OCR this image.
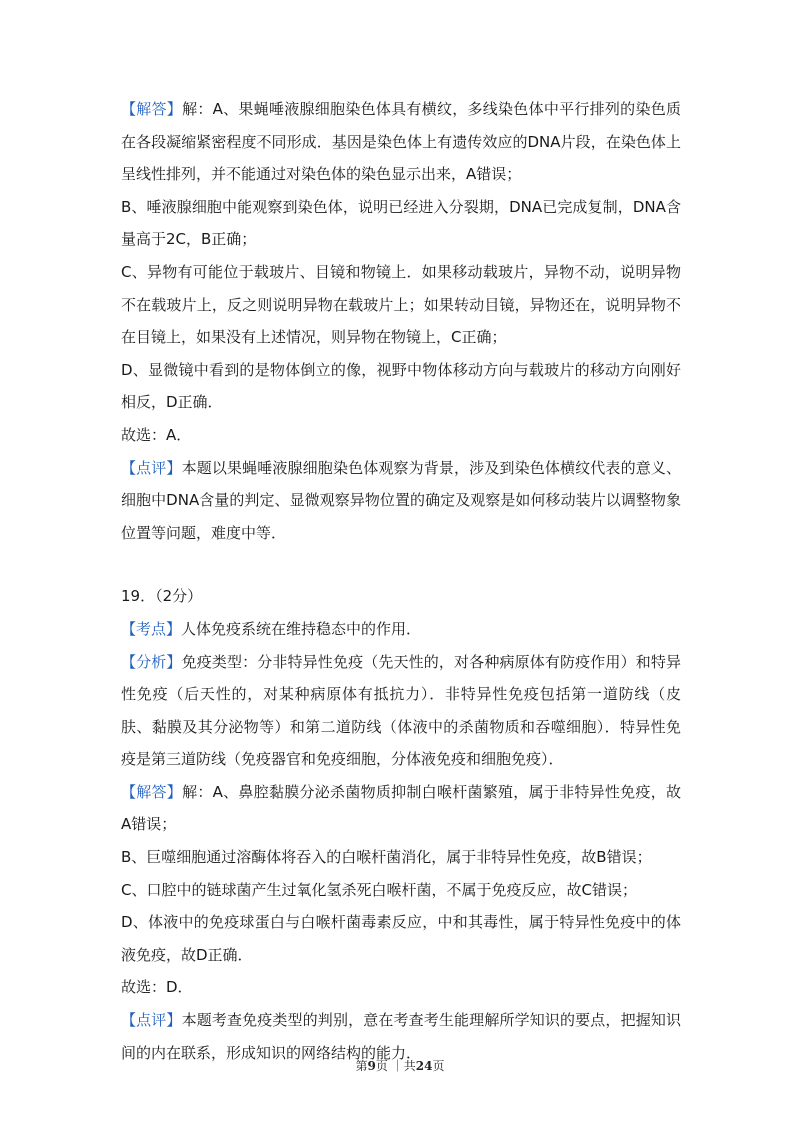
【解答】解：A、果蝇唾液腺细胞染色体具有横纹，多线染色体中平行排列的染色质在各段凝缩紧密程度不同形成．基因是染色体上有遗传效应的DNA片段，在染色体上呈线性排列，并不能通过对染色体的染色显示出来，A错误；

B、唾液腺细胞中能观察到染色体，说明已经进入分裂期，DNA已完成复制，DNA含量高于2C，B正确；

C、异物有可能位于载玻片、目镜和物镜上．如果移动载玻片，异物不动，说明异物不在载玻片上，反之则说明异物在载玻片上；如果转动目镜，异物还在，说明异物不在目镜上，如果没有上述情况，则异物在物镜上，C正确；

D、显微镜中看到的是物体倒立的像，视野中物体移动方向与载玻片的移动方向刚好相反，D正确．

故选：A．

【点评】本题以果蝇唾液腺细胞染色体观察为背景，涉及到染色体横纹代表的意义、细胞中DNA含量的判定、显微观察异物位置的确定及观察是如何移动装片以调整物象位置等问题，难度中等．

19．（2分）

【考点】人体免疫系统在维持稳态中的作用．

【分析】免疫类型：分非特异性免疫（先天性的，对各种病原体有防疫作用）和特异性免疫（后天性的，对某种病原体有抵抗力）．非特异性免疫包括第一道防线（皮肤、黏膜及其分泌物等）和第二道防线（体液中的杀菌物质和吞噬细胞）．特异性免疫是第三道防线（免疫器官和免疫细胞，分体液免疫和细胞免疫）．

【解答】解：A、鼻腔黏膜分泌杀菌物质抑制白喉杆菌繁殖，属于非特异性免疫，故A错误；

B、巨噬细胞通过溶酶体将吞入的白喉杆菌消化，属于非特异性免疫，故B错误；

C、口腔中的链球菌产生过氧化氢杀死白喉杆菌，不属于免疫反应，故C错误；

D、体液中的免疫球蛋白与白喉杆菌毒素反应，中和其毒性，属于特异性免疫中的体液免疫，故D正确．

故选：D．

【点评】本题考查免疫类型的判别，意在考查考生能理解所学知识的要点，把握知识间的内在联系，形成知识的网络结构的能力．

第9页 ｜共24页
